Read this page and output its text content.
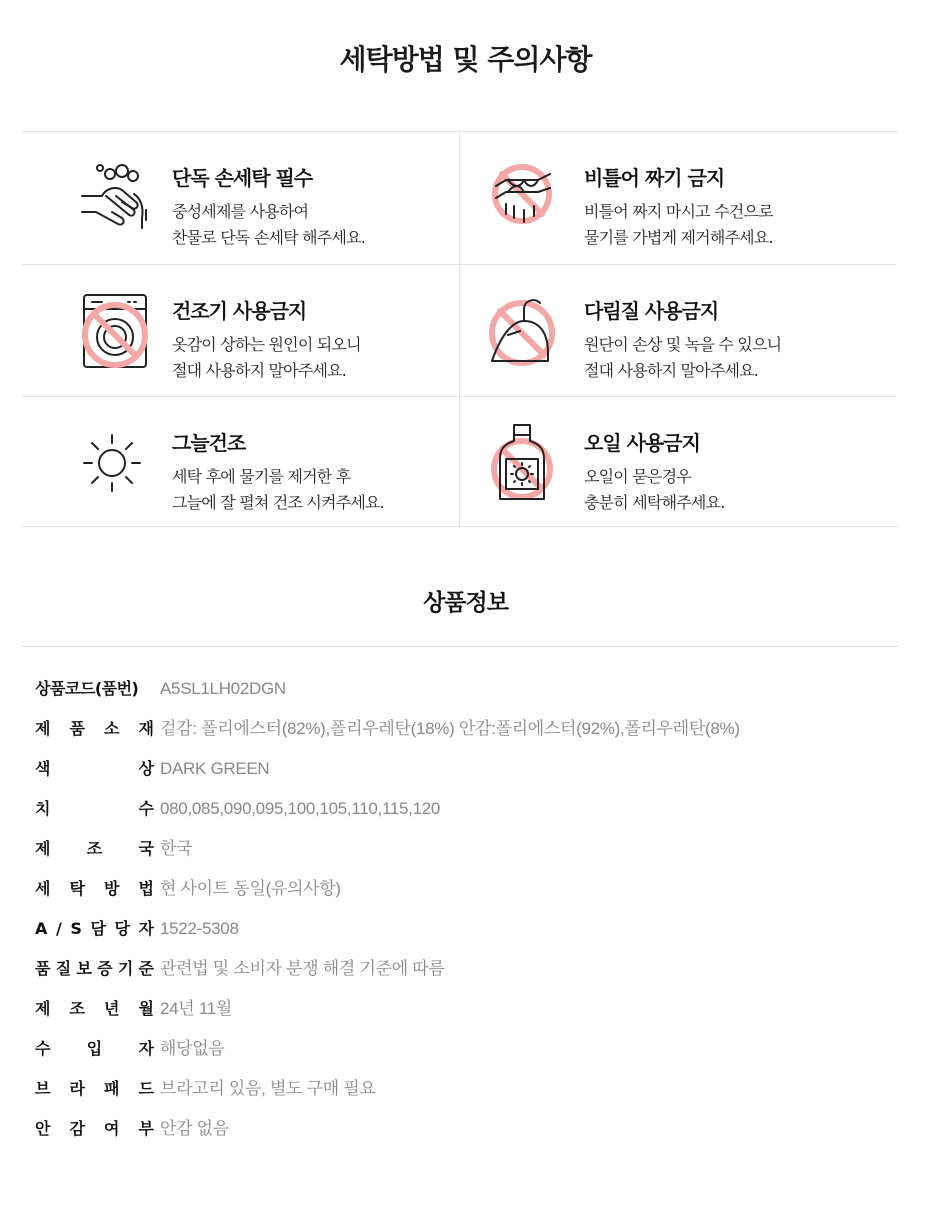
세탁방법 및 주의사항
단독 손세탁 필수
중성세제를 사용하여
찬물로 단독 손세탁 해주세요.
비틀어 짜기 금지
비틀어 짜지 마시고 수건으로
물기를 가볍게 제거해주세요.
건조기 사용금지
옷감이 상하는 원인이 되오니
절대 사용하지 말아주세요.
다림질 사용금지
원단이 손상 및 녹을 수 있으니
절대 사용하지 말아주세요.
그늘건조
세탁 후에 물기를 제거한 후
그늘에 잘 펼쳐 건조 시켜주세요.
오일 사용금지
오일이 묻은경우
충분히 세탁해주세요.
상품정보
상품코드(품번)	A5SL1LH02DGN
제 품 소 재 겉감: 폴리에스터(82%),폴리우레탄(18%) 안감:폴리에스터(92%),폴리우레탄(8%)
색	상 DARK GREEN
치	수 080,085,090,095,100,105,110,115,120
제 조 국 한국
세 탁 방 법 현 사이트 동일(유의사항)
A / S 담 당 자 1522-5308
품 질 보 증 기 준 관련법 및 소비자 분쟁 해결 기준에 따름
제 조 년 월 24년 11월
수 입 자 해당없음
브 라 패 드 브라고리 있음, 별도 구매 필요
안 감 여 부 안감 없음
